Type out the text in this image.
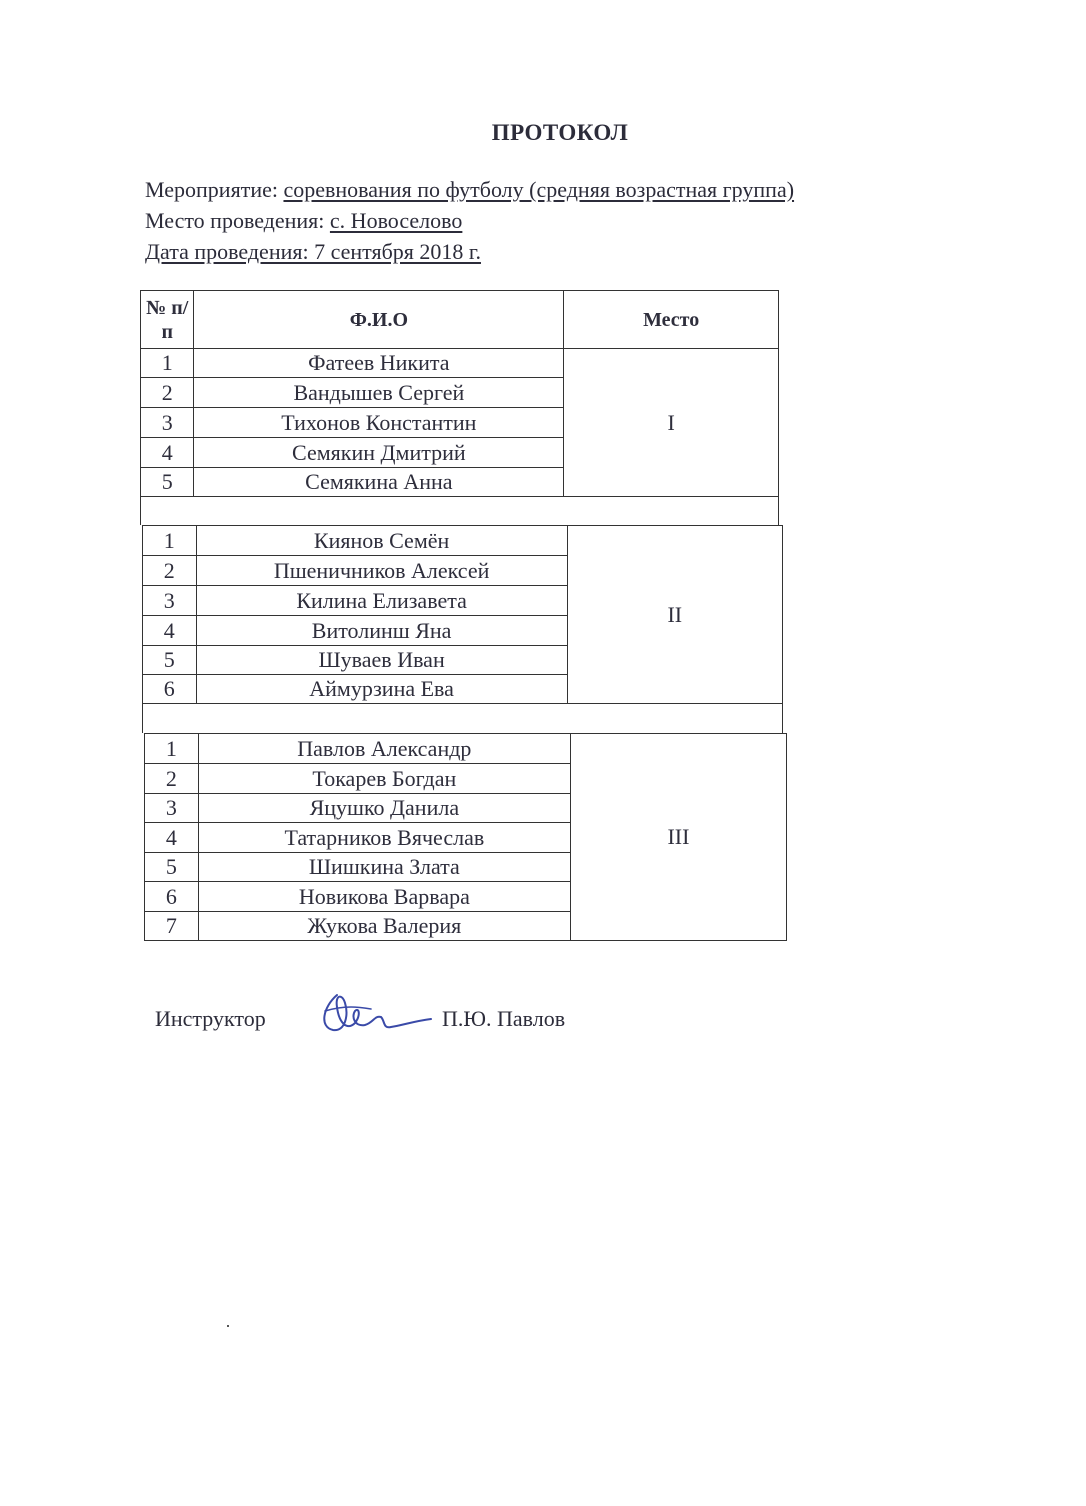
ПРОТОКОЛ
Мероприятие: соревнования по футболу (средняя возрастная группа)
Место проведения: с. Новоселово
Дата проведения: 7 сентября 2018 г.
№ п/п	Ф.И.О	Место
1	Фатеев Никита	I
2	Вандышев Сергей	
3	Тихонов Константин	
4	Семякин Дмитрий	
5	Семякина Анна	
1	Киянов Семён	II
2	Пшеничников Алексей	
3	Килина Елизавета	
4	Витолинш Яна	
5	Шуваев Иван	
6	Аймурзина Ева	
1	Павлов Александр	III
2	Токарев Богдан	
3	Яцушко Данила	
4	Татарников Вячеслав	
5	Шишкина Злата	
6	Новикова Варвара	
7	Жукова Валерия	
Инструктор	П.Ю. Павлов
